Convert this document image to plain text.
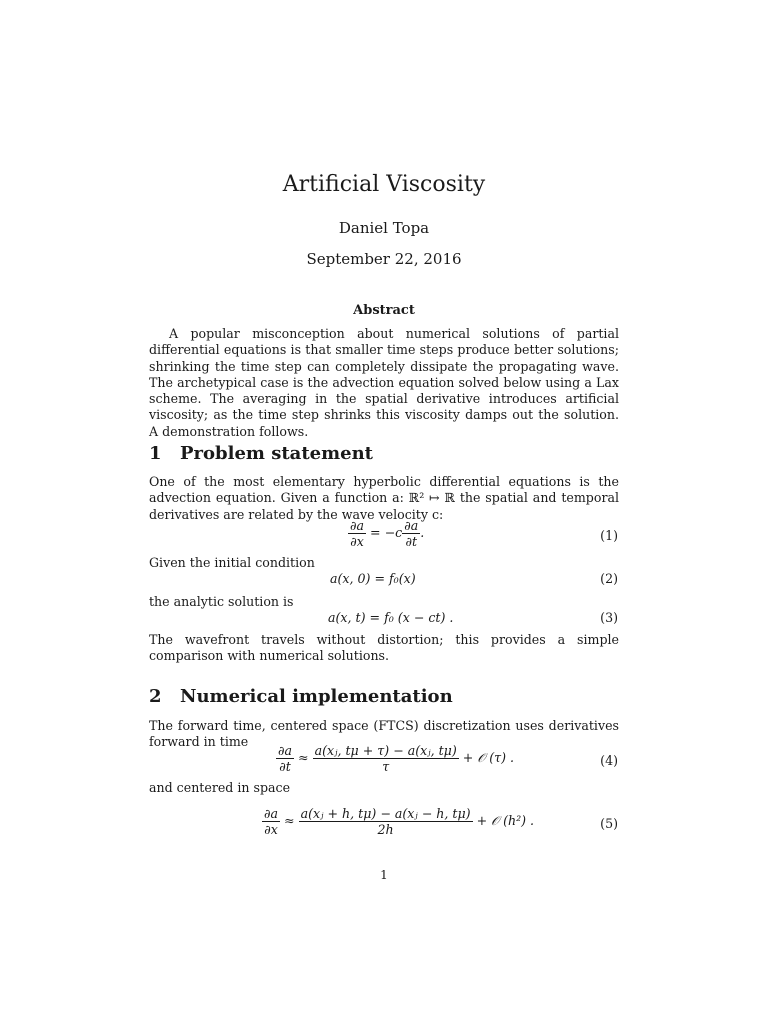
Artificial Viscosity
Daniel Topa
September 22, 2016
Abstract
A popular misconception about numerical solutions of partial differential equations is that smaller time steps produce better solutions; shrinking the time step can completely dissipate the propagating wave. The archetypical case is the advection equation solved below using a Lax scheme. The averaging in the spatial derivative introduces artificial viscosity; as the time step shrinks this viscosity damps out the solution. A demonstration follows.
1 Problem statement
One of the most elementary hyperbolic differential equations is the advection equation. Given a function a: ℝ² ↦ ℝ the spatial and temporal derivatives are related by the wave velocity c:
$\frac{\partial a}{\partial x} = -c \frac{\partial a}{\partial t}$ .	(1)
Given the initial condition
a(x, 0) = f₀(x)	(2)
the analytic solution is
a(x, t) = f₀ (x − ct) .	(3)
The wavefront travels without distortion; this provides a simple comparison with numerical solutions.
2 Numerical implementation
The forward time, centered space (FTCS) discretization uses derivatives forward in time
$\frac{\partial a}{\partial t} \approx \frac{\text{a(xⱼ, tμ + τ) − a(xⱼ, tμ)}}{\tau}$ + 𝒪 (τ) .	(4)
and centered in space
$\frac{\partial a}{\partial x} \approx \frac{\text{a(xⱼ + h, tμ) − a(xⱼ − h, tμ)}}{2h}$ + 𝒪 (h²) .	(5)
1
